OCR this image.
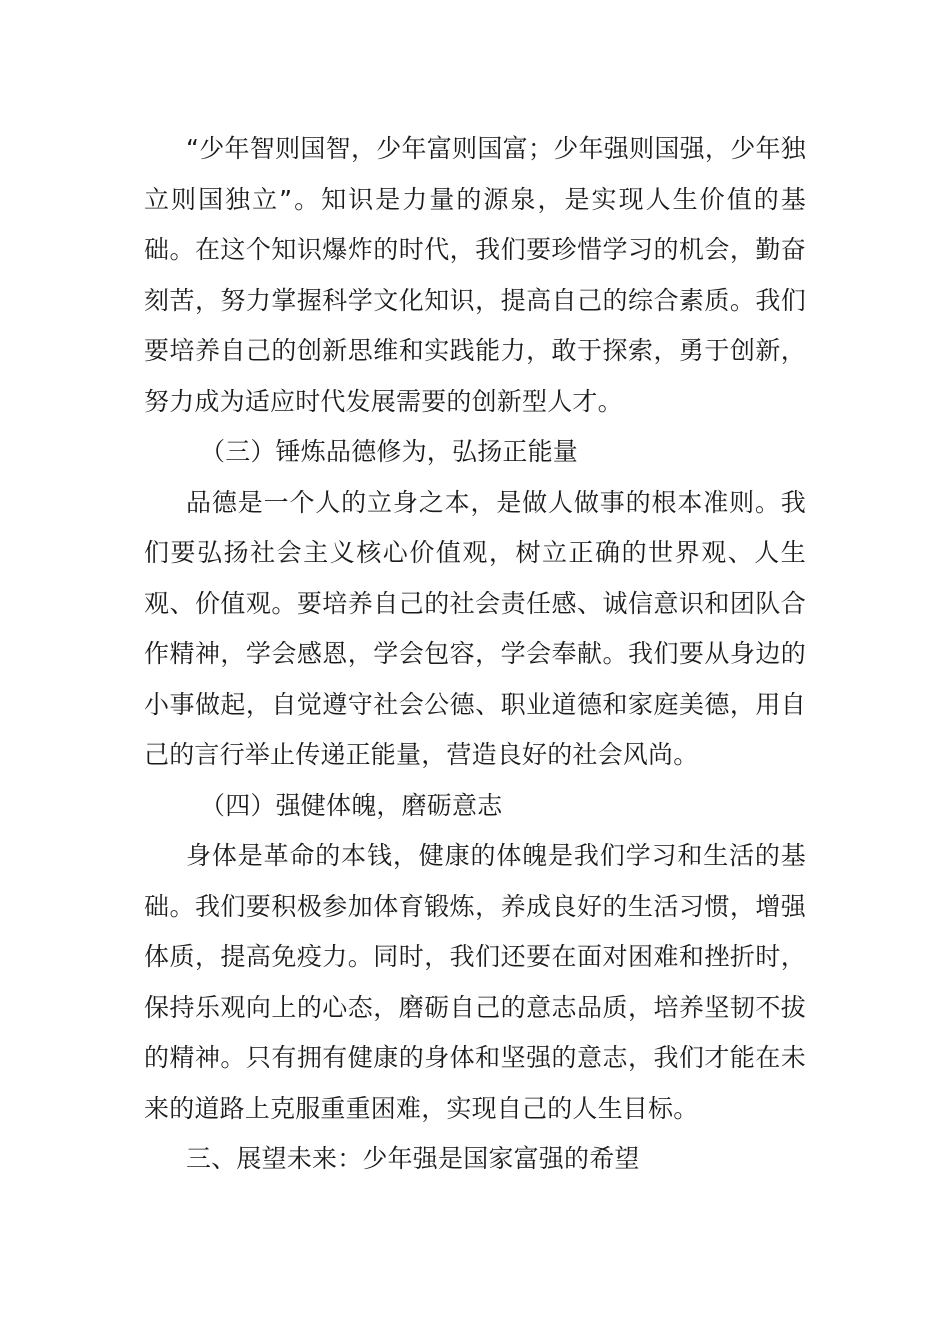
“少年智则国智，少年富则国富；少年强则国强，少年独立则国独立”。知识是力量的源泉，是实现人生价值的基础。在这个知识爆炸的时代，我们要珍惜学习的机会，勤奋刻苦，努力掌握科学文化知识，提高自己的综合素质。我们要培养自己的创新思维和实践能力，敢于探索，勇于创新，努力成为适应时代发展需要的创新型人才。

（三）锤炼品德修为，弘扬正能量

品德是一个人的立身之本，是做人做事的根本准则。我们要弘扬社会主义核心价值观，树立正确的世界观、人生观、价值观。要培养自己的社会责任感、诚信意识和团队合作精神，学会感恩，学会包容，学会奉献。我们要从身边的小事做起，自觉遵守社会公德、职业道德和家庭美德，用自己的言行举止传递正能量，营造良好的社会风尚。

（四）强健体魄，磨砺意志

身体是革命的本钱，健康的体魄是我们学习和生活的基础。我们要积极参加体育锻炼，养成良好的生活习惯，增强体质，提高免疫力。同时，我们还要在面对困难和挫折时，保持乐观向上的心态，磨砺自己的意志品质，培养坚韧不拔的精神。只有拥有健康的身体和坚强的意志，我们才能在未来的道路上克服重重困难，实现自己的人生目标。

三、展望未来：少年强是国家富强的希望
